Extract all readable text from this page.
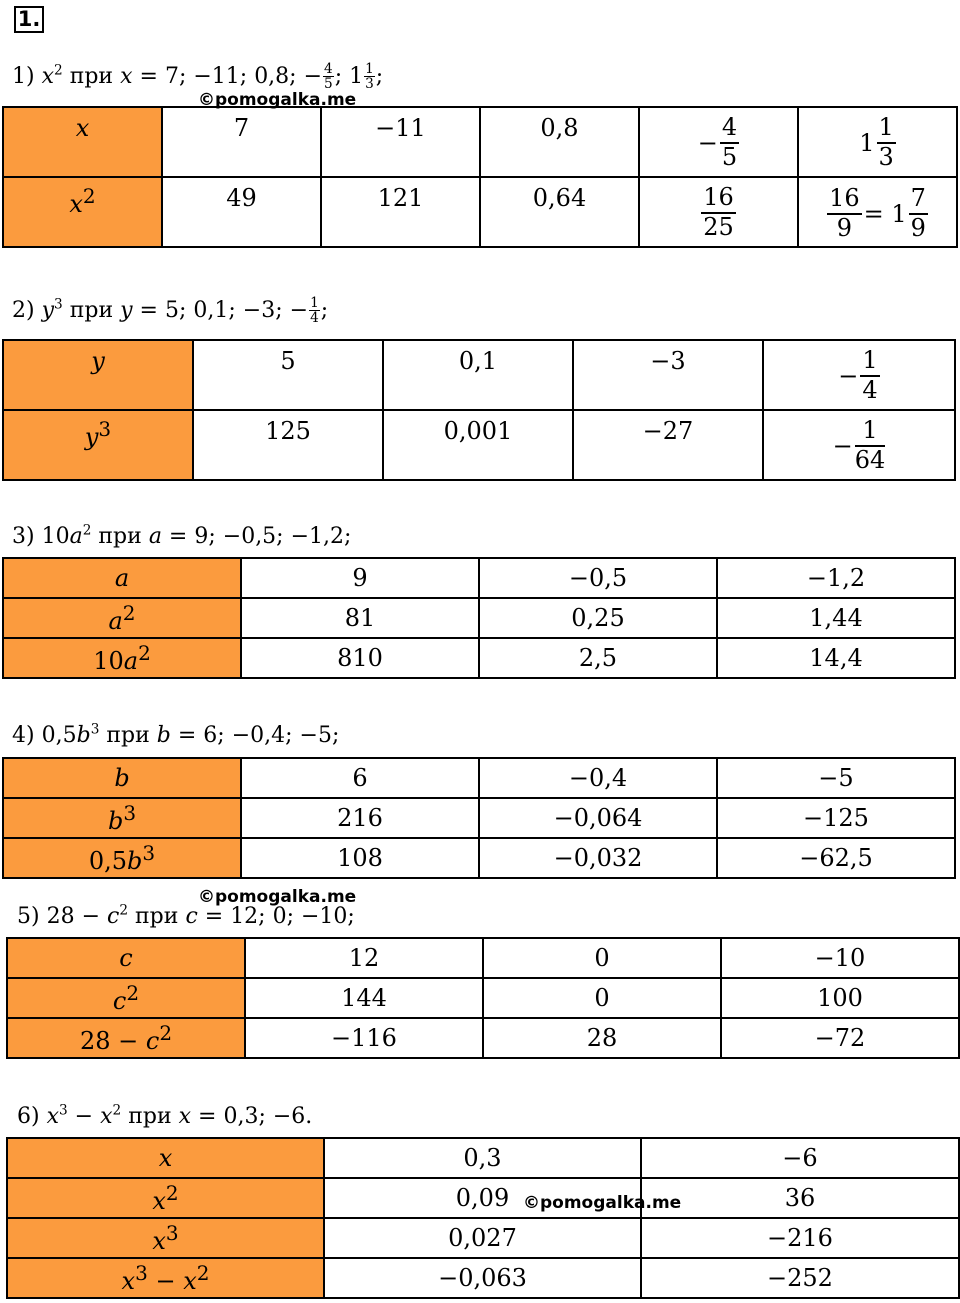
1.
1) $x^2$ при x = 7; −11; 0,8; − $\frac{4}{5}$ ; $1 \frac{1}{3}$ ;
©pomogalka.me
x	7	−11	0,8	− $\frac{4}{5}$	$1 \frac{1}{3}$

$x^2$	49	121	0,64	$\frac{16}{25}$	$\frac{16}{9} = 1 \frac{7}{9}$
2) $y^3$ при y = 5; 0,1; −3; − $\frac{1}{4}$ ;
y	5	0,1	−3	− $\frac{1}{4}$

$y^3$	125	0,001	−27	− $\frac{1}{64}$
3) $10a^2$ при a = 9; −0,5; −1,2;
a	9	−0,5	−1,2
$a^2$	81	0,25	1,44
$10a^2$	810	2,5	14,4
4) $0,5b^3$ при b = 6; −0,4; −5;
b	6	−0,4	−5
$b^3$	216	−0,064	−125
$0,5b^3$	108	−0,032	−62,5
©pomogalka.me
5) $28 - c^2$ при c = 12; 0; −10;
c	12	0	−10
$c^2$	144	0	100
$28 - c^2$	−116	28	−72
6) $x^3 - x^2$ при x = 0,3; −6.
x	0,3	−6
$x^2$	0,09	36
$x^3$	0,027	−216
$x^3 - x^2$	−0,063	−252
©pomogalka.me
